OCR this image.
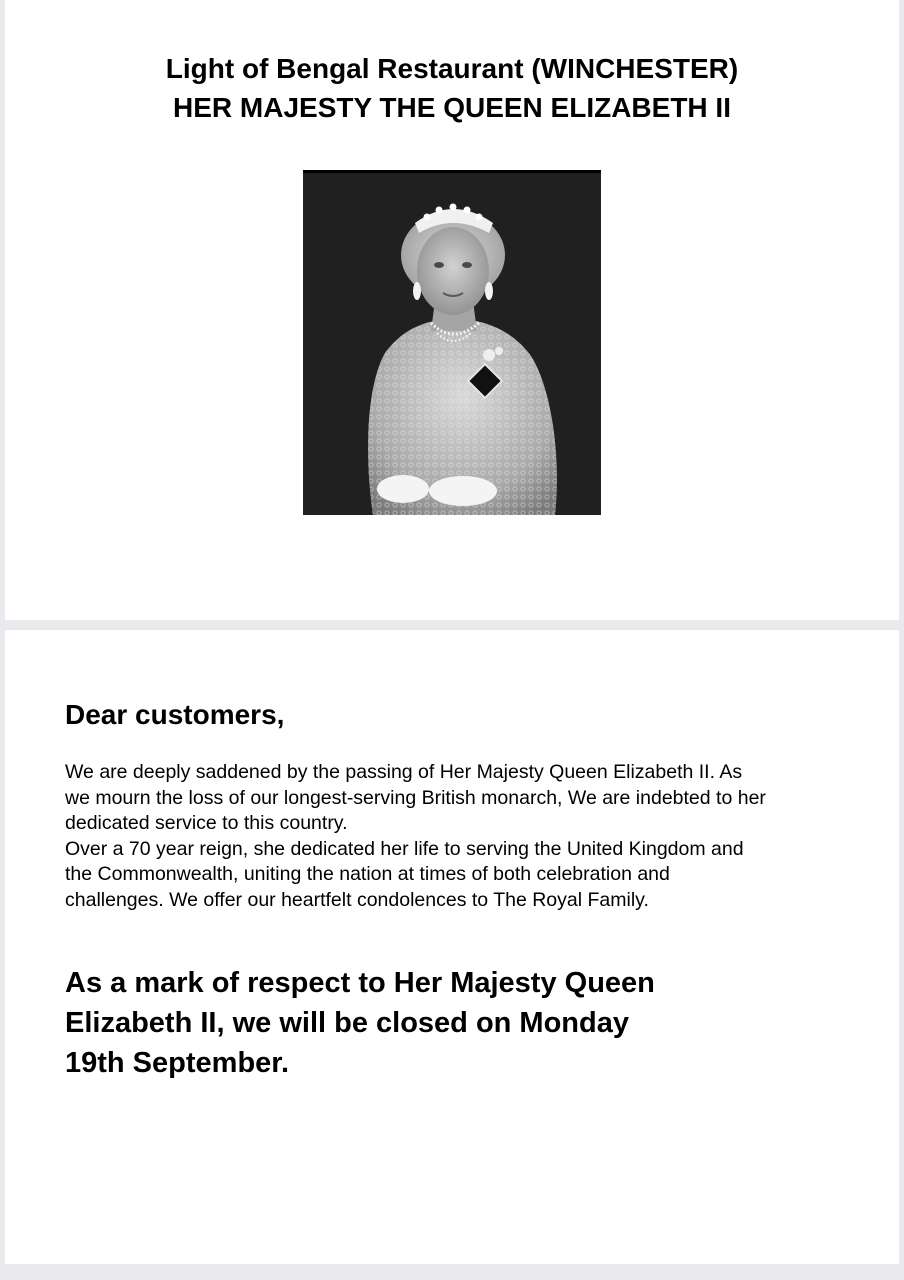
Light of Bengal Restaurant (WINCHESTER)
HER MAJESTY THE QUEEN ELIZABETH II
Dear customers,
We are deeply saddened by the passing of Her Majesty Queen Elizabeth II. As
we mourn the loss of our longest-serving British monarch, We are indebted to her
dedicated service to this country.
Over a 70 year reign, she dedicated her life to serving the United Kingdom and
the Commonwealth, uniting the nation at times of both celebration and
challenges. We offer our heartfelt condolences to The Royal Family.
As a mark of respect to Her Majesty Queen
Elizabeth II, we will be closed on Monday
19th September.
